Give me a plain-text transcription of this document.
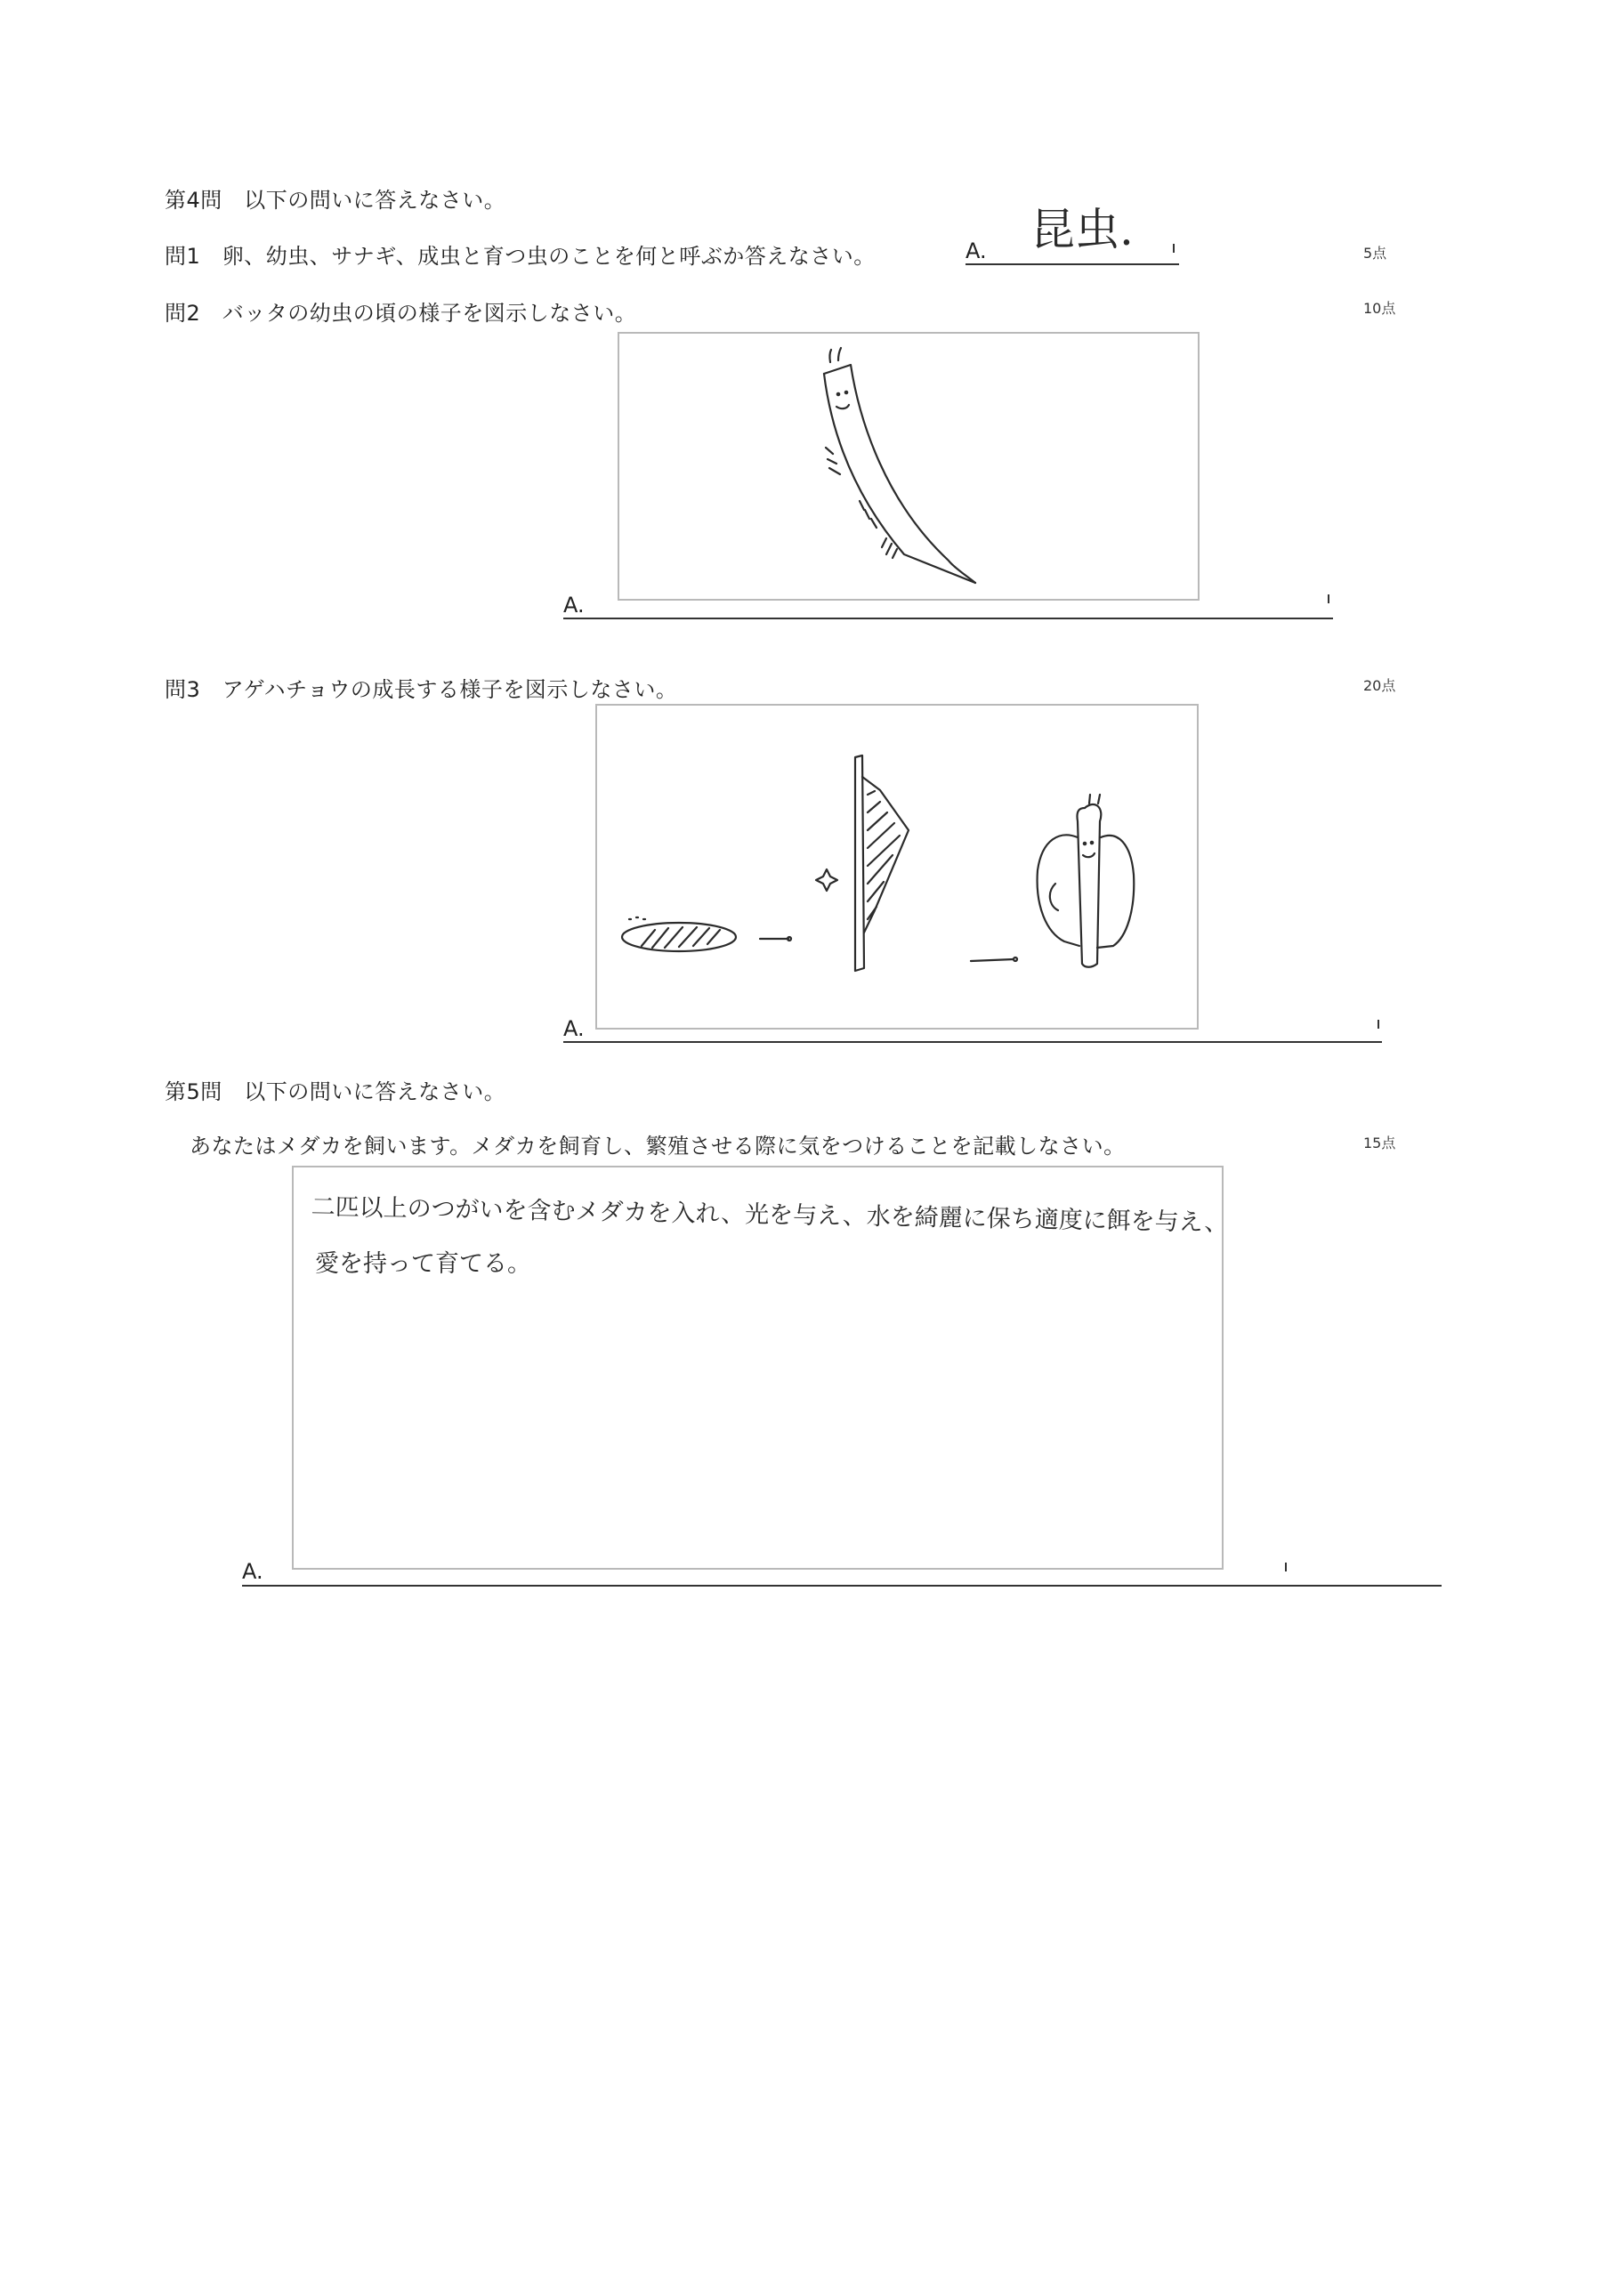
第4問　以下の問いに答えなさい。
問1　卵、幼虫、サナギ、成虫と育つ虫のことを何と呼ぶか答えなさい。	A. 昆虫.	5点
問2　バッタの幼虫の頃の様子を図示しなさい。	10点
A.
問3　アゲハチョウの成長する様子を図示しなさい。	20点
A.
第5問　以下の問いに答えなさい。
あなたはメダカを飼います。メダカを飼育し、繁殖させる際に気をつけることを記載しなさい。	15点
二匹以上のつがいを含むメダカを入れ、光を与え、水を綺麗に保ち適度に餌を与え、
愛を持って育てる。
A.
